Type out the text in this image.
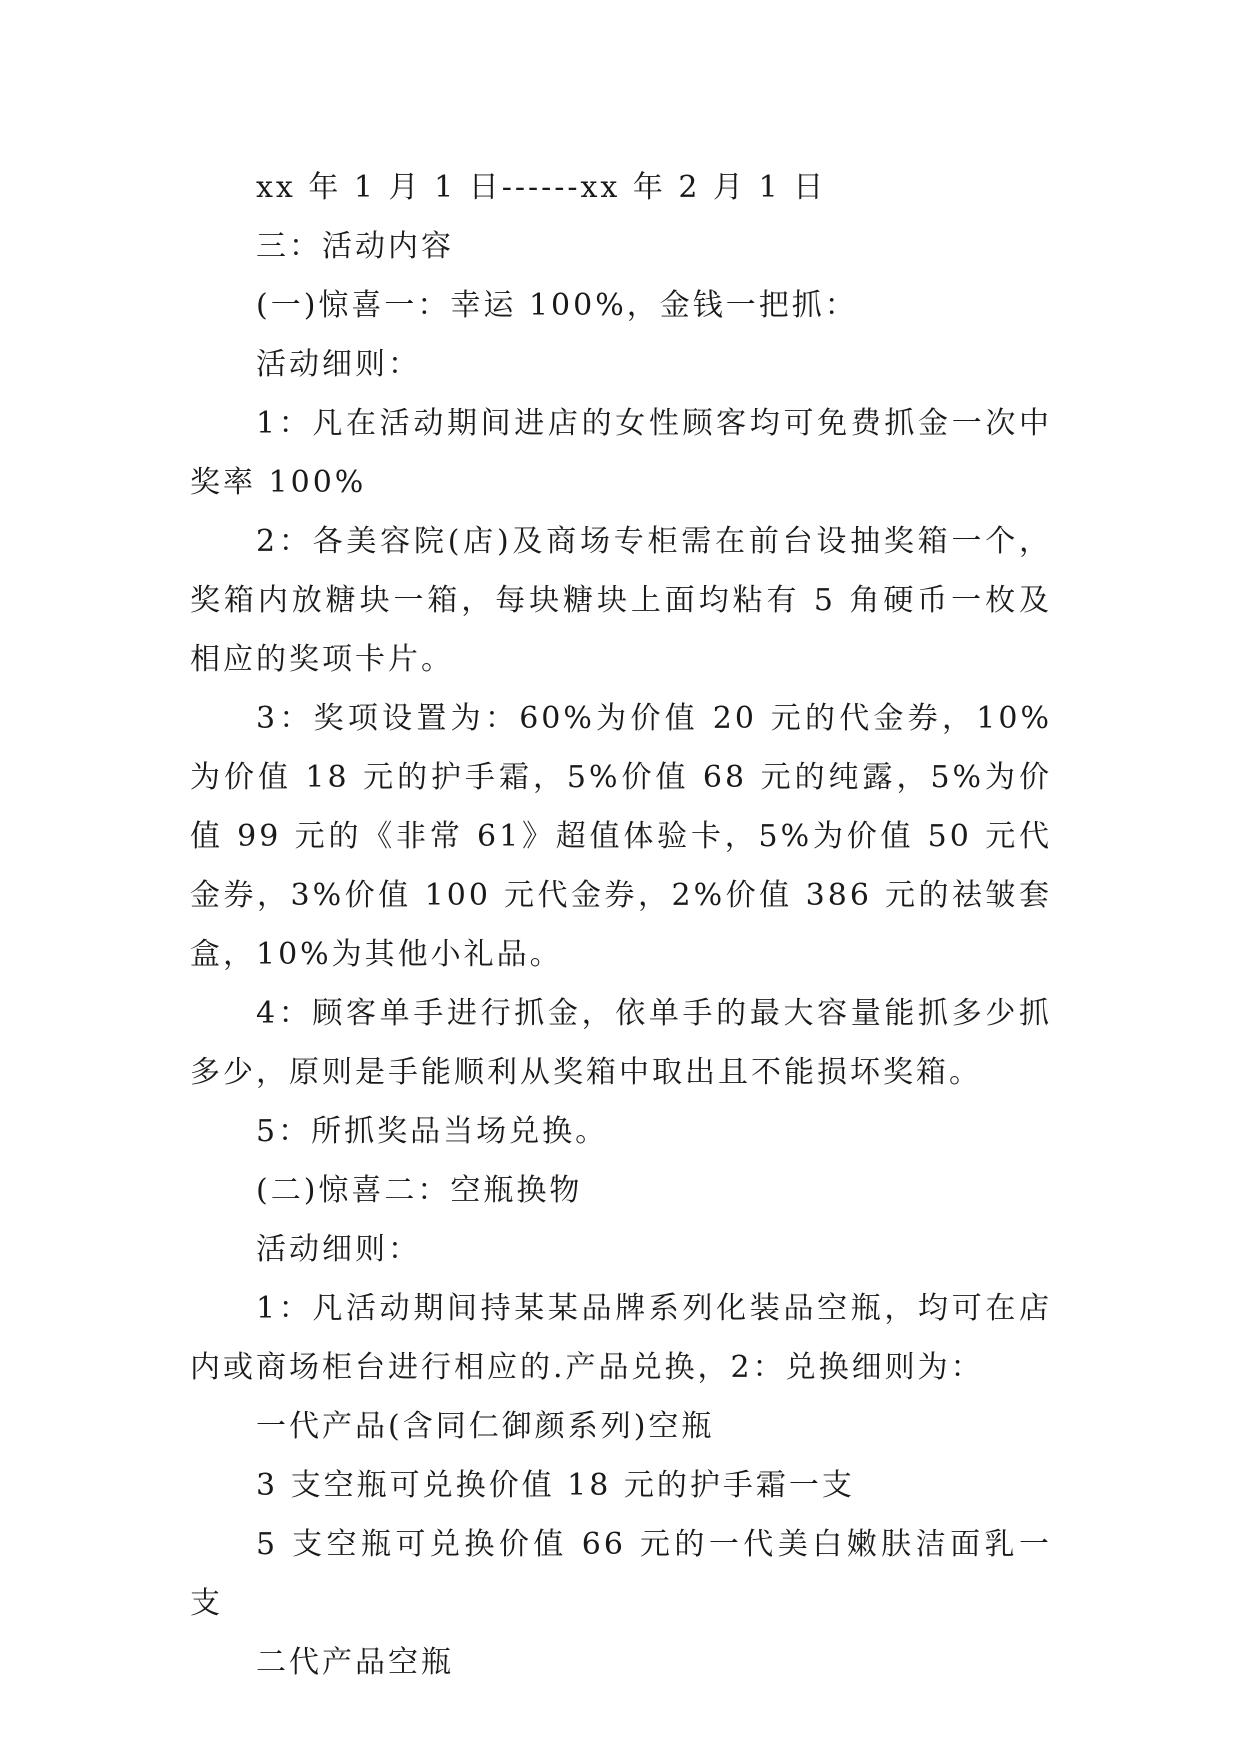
xx 年 1 月 1 日------xx 年 2 月 1 日

三：活动内容

(一)惊喜一：幸运 100%，金钱一把抓：

活动细则：

1：凡在活动期间进店的女性顾客均可免费抓金一次中奖率 100%

2：各美容院(店)及商场专柜需在前台设抽奖箱一个，奖箱内放糖块一箱，每块糖块上面均粘有 5 角硬币一枚及相应的奖项卡片。

3：奖项设置为：60%为价值 20 元的代金券，10%为价值 18 元的护手霜，5%价值 68 元的纯露，5%为价值 99 元的《非常 61》超值体验卡，5%为价值 50 元代金券，3%价值 100 元代金券，2%价值 386 元的祛皱套盒，10%为其他小礼品。

4：顾客单手进行抓金，依单手的最大容量能抓多少抓多少，原则是手能顺利从奖箱中取出且不能损坏奖箱。

5：所抓奖品当场兑换。

(二)惊喜二：空瓶换物

活动细则：

1：凡活动期间持某某品牌系列化装品空瓶，均可在店内或商场柜台进行相应的.产品兑换，2：兑换细则为：

一代产品(含同仁御颜系列)空瓶

3 支空瓶可兑换价值 18 元的护手霜一支

5 支空瓶可兑换价值 66 元的一代美白嫩肤洁面乳一支

二代产品空瓶
